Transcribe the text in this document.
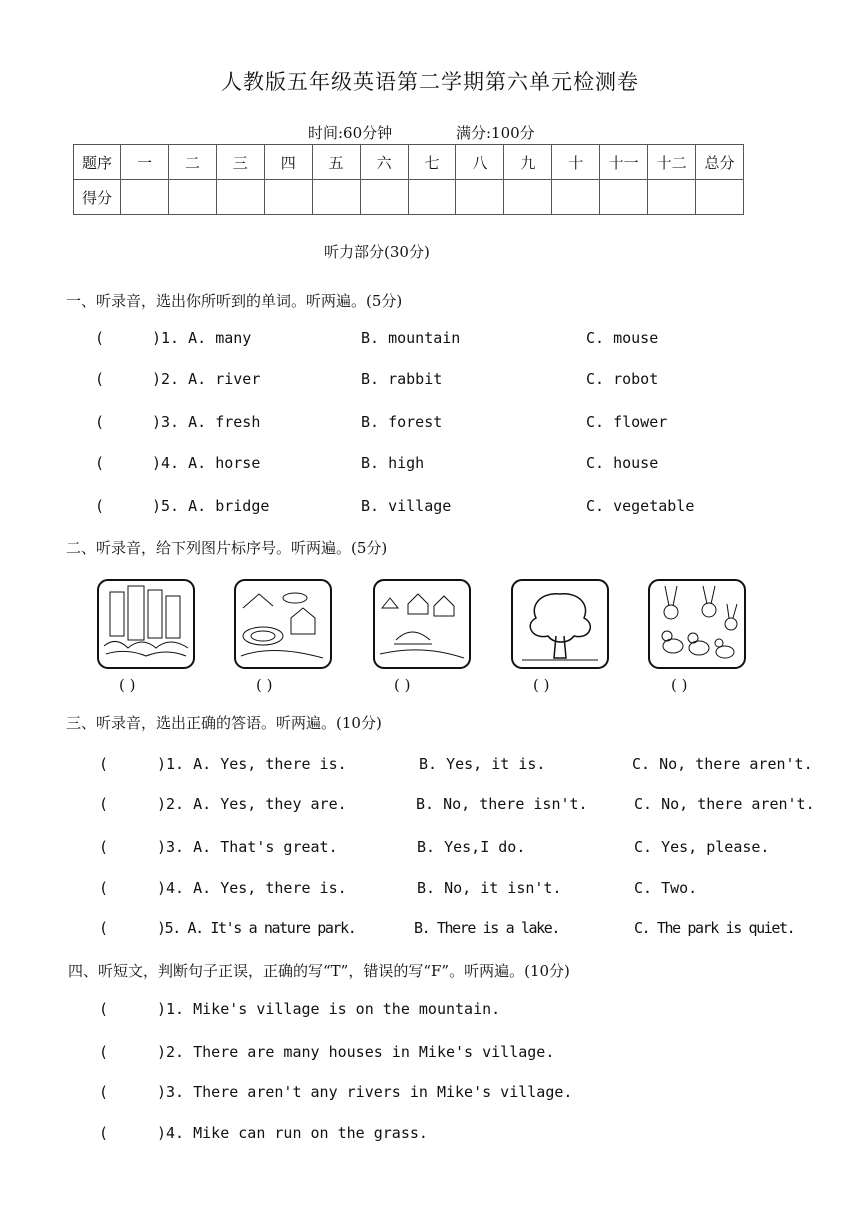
人教版五年级英语第二学期第六单元检测卷
时间:60分钟	满分:100分
题序	一	二	三	四	五	六	七	八	九	十	十一	十二	总分
得分													
听力部分(30分)
一、听录音，选出你所听到的单词。听两遍。(5分)
(	)1. A. many	B. mountain	C. mouse
(	)2. A. river	B. rabbit	C. robot
(	)3. A. fresh	B. forest	C. flower
(	)4. A. horse	B. high	C. house
(	)5. A. bridge	B. village	C. vegetable
二、听录音，给下列图片标序号。听两遍。(5分)
( )	( )	( )	( )	( )
三、听录音，选出正确的答语。听两遍。(10分)
(	)1. A. Yes, there is.	B. Yes, it is.	C. No, there aren't.
(	)2. A. Yes, they are.	B. No, there isn't.	C. No, there aren't.
(	)3. A. That's great.	B. Yes,I do.	C. Yes, please.
(	)4. A. Yes, there is.	B. No, it isn't.	C. Two.
(	)5. A. It's a nature park.	B. There is a lake.	C. The park is quiet.
四、听短文，判断句子正误，正确的写“T”，错误的写“F”。听两遍。(10分)
(	)1. Mike's village is on the mountain.
(	)2. There are many houses in Mike's village.
(	)3. There aren't any rivers in Mike's village.
(	)4. Mike can run on the grass.
